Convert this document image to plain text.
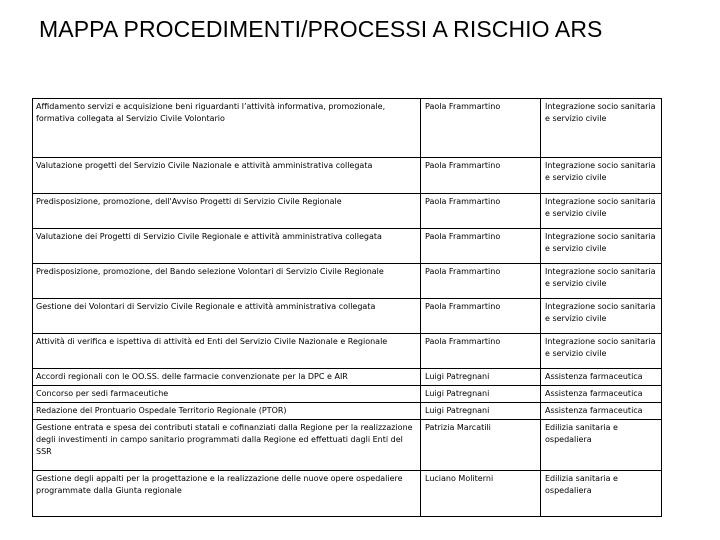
MAPPA PROCEDIMENTI/PROCESSI A RISCHIO ARS
Affidamento servizi e acquisizione beni riguardanti l’attività informativa, promozionale, formativa collegata al Servizio Civile Volontario	Paola Frammartino	Integrazione socio sanitaria e servizio civile
Valutazione progetti del Servizio Civile Nazionale e attività amministrativa collegata	Paola Frammartino	Integrazione socio sanitaria e servizio civile
Predisposizione, promozione, dell'Avviso Progetti di Servizio Civile Regionale	Paola Frammartino	Integrazione socio sanitaria e servizio civile
Valutazione dei Progetti di Servizio Civile Regionale e attività amministrativa collegata	Paola Frammartino	Integrazione socio sanitaria e servizio civile
Predisposizione, promozione, del Bando selezione Volontari di Servizio Civile Regionale	Paola Frammartino	Integrazione socio sanitaria e servizio civile
Gestione dei Volontari di Servizio Civile Regionale e attività amministrativa collegata	Paola Frammartino	Integrazione socio sanitaria e servizio civile
Attività di verifica e ispettiva di attività ed Enti del Servizio Civile Nazionale e Regionale	Paola Frammartino	Integrazione socio sanitaria e servizio civile
Accordi regionali con le OO.SS. delle farmacie convenzionate per la DPC e AIR	Luigi Patregnani	Assistenza farmaceutica
Concorso per sedi farmaceutiche	Luigi Patregnani	Assistenza farmaceutica
Redazione del Prontuario Ospedale Territorio Regionale (PTOR)	Luigi Patregnani	Assistenza farmaceutica
Gestione entrata e spesa dei contributi statali e cofinanziati dalla Regione per la realizzazione degli investimenti in campo sanitario programmati dalla Regione ed effettuati dagli Enti del SSR	Patrizia Marcatili	Edilizia sanitaria e ospedaliera
Gestione degli appalti per la progettazione e la realizzazione delle nuove opere ospedaliere programmate dalla Giunta regionale	Luciano Moliterni	Edilizia sanitaria e ospedaliera
